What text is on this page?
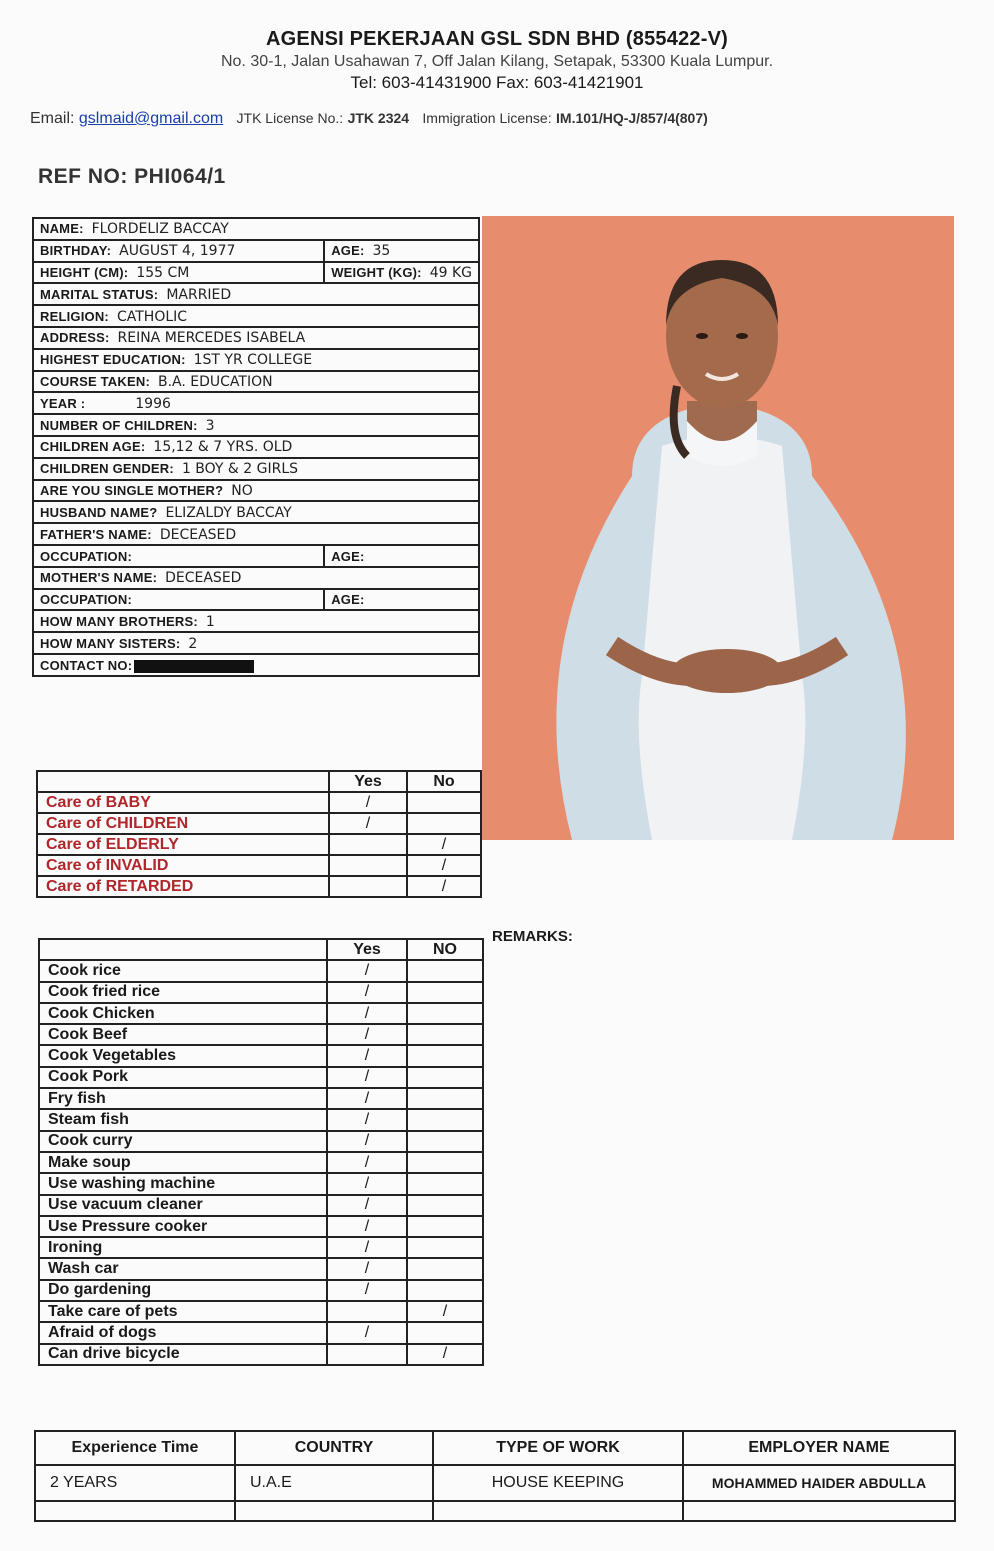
AGENSI PEKERJAAN GSL SDN BHD (855422-V)
No. 30-1, Jalan Usahawan 7, Off Jalan Kilang, Setapak, 53300 Kuala Lumpur.
Tel: 603-41431900 Fax: 603-41421901
Email: gslmaid@gmail.com JTK License No.: JTK 2324 Immigration License: IM.101/HQ-J/857/4(807)
REF NO: PHI064/1
NAME: FLORDELIZ BACCAY	
BIRTHDAY: AUGUST 4, 1977	AGE: 35
HEIGHT (CM): 155 CM	WEIGHT (KG): 49 KG
MARITAL STATUS: MARRIED	
RELIGION: CATHOLIC	
ADDRESS: REINA MERCEDES ISABELA	
HIGHEST EDUCATION: 1ST YR COLLEGE	
COURSE TAKEN: B.A. EDUCATION	
YEAR : 1996	
NUMBER OF CHILDREN: 3	
CHILDREN AGE: 15,12 & 7 YRS. OLD	
CHILDREN GENDER: 1 BOY & 2 GIRLS	
ARE YOU SINGLE MOTHER? NO	
HUSBAND NAME? ELIZALDY BACCAY	
FATHER'S NAME: DECEASED	
OCCUPATION:	AGE:
MOTHER'S NAME: DECEASED	
OCCUPATION:	AGE:
HOW MANY BROTHERS: 1	
HOW MANY SISTERS: 2	
CONTACT NO:	
	Yes	No
Care of BABY	/	
Care of CHILDREN	/	
Care of ELDERLY		/
Care of INVALID		/
Care of RETARDED		/
REMARKS:
	Yes	NO
Cook rice	/	
Cook fried rice	/	
Cook Chicken	/	
Cook Beef	/	
Cook Vegetables	/	
Cook Pork	/	
Fry fish	/	
Steam fish	/	
Cook curry	/	
Make soup	/	
Use washing machine	/	
Use vacuum cleaner	/	
Use Pressure cooker	/	
Ironing	/	
Wash car	/	
Do gardening	/	
Take care of pets		/
Afraid of dogs	/	
Can drive bicycle		/
Experience Time	COUNTRY	TYPE OF WORK	EMPLOYER NAME
2 YEARS	U.A.E	HOUSE KEEPING	MOHAMMED HAIDER ABDULLA
